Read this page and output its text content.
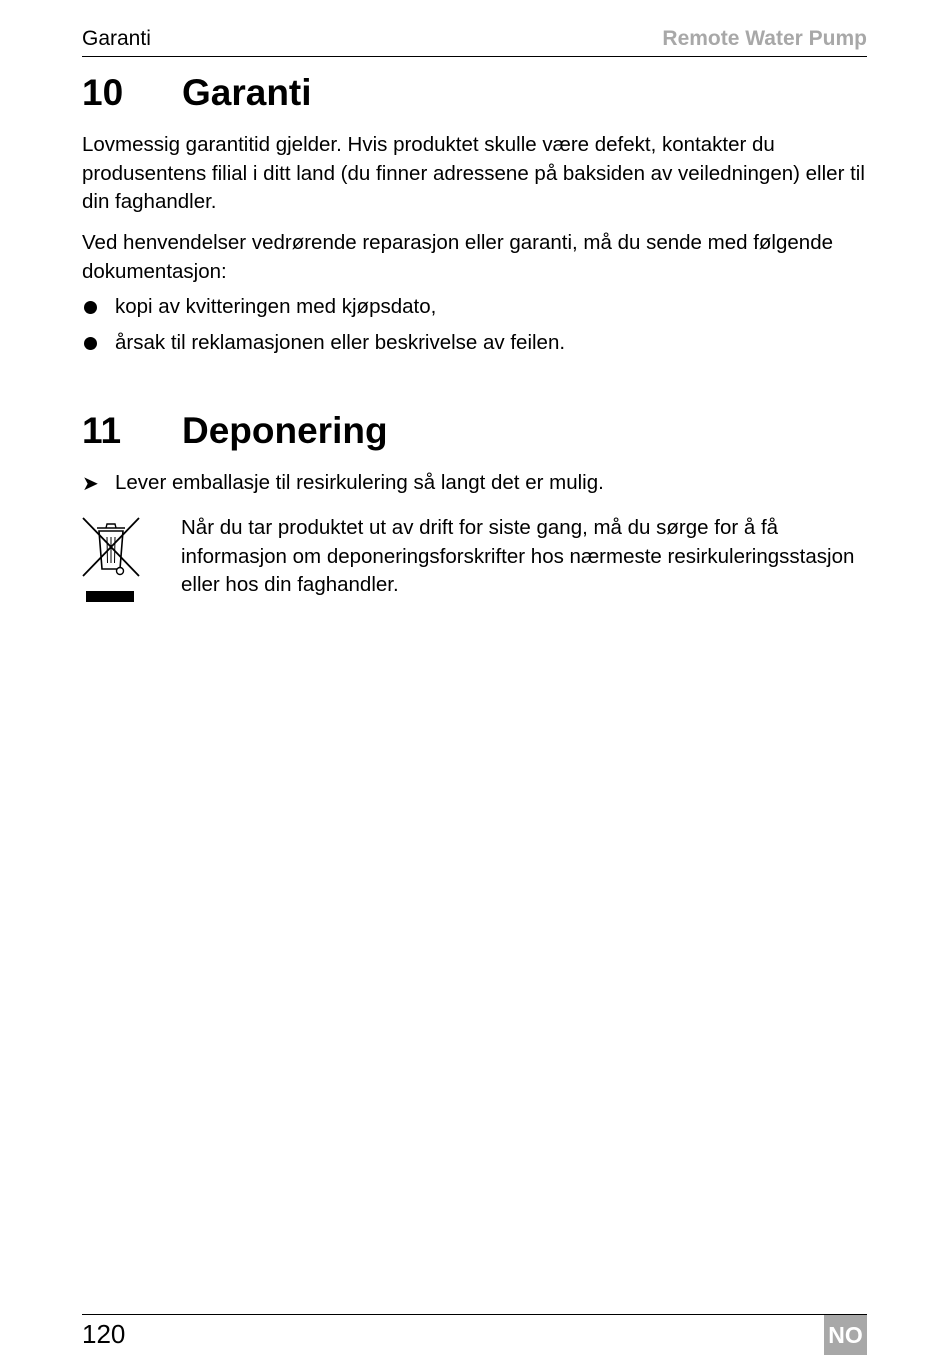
Garanti	Remote Water Pump
10 Garanti

Lovmessig garantitid gjelder. Hvis produktet skulle være defekt, kontakter du produsentens filial i ditt land (du finner adressene på baksiden av veiledningen) eller til din faghandler.

Ved henvendelser vedrørende reparasjon eller garanti, må du sende med følgende dokumentasjon:

kopi av kvitteringen med kjøpsdato,
årsak til reklamasjonen eller beskrivelse av feilen.
11 Deponering
➤ Lever emballasje til resirkulering så langt det er mulig.

Når du tar produktet ut av drift for siste gang, må du sørge for å få informasjon om deponeringsforskrifter hos nærmeste resirkuleringsstasjon eller hos din faghandler.

120	NO
